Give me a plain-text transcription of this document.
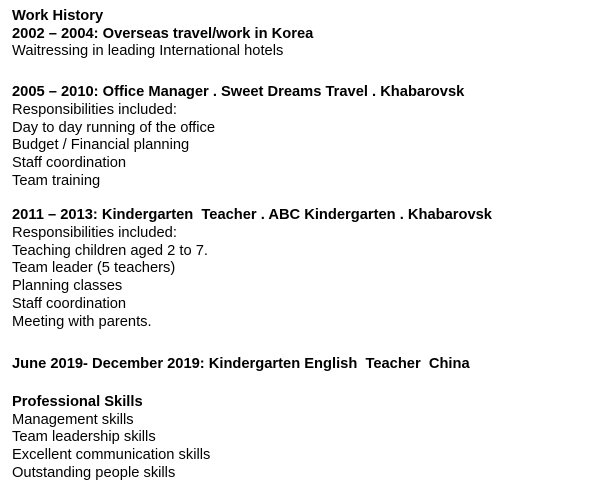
Work History
2002 – 2004: Overseas travel/work in Korea
Waitressing in leading International hotels
2005 – 2010: Office Manager . Sweet Dreams Travel . Khabarovsk
Responsibilities included:
Day to day running of the office
Budget / Financial planning
Staff coordination
Team training
2011 – 2013: Kindergarten  Teacher . ABC Kindergarten . Khabarovsk
Responsibilities included:
Teaching children aged 2 to 7.
Team leader (5 teachers)
Planning classes
Staff coordination
Meeting with parents.
June 2019- December 2019: Kindergarten English  Teacher  China
Professional Skills
Management skills
Team leadership skills
Excellent communication skills
Outstanding people skills
